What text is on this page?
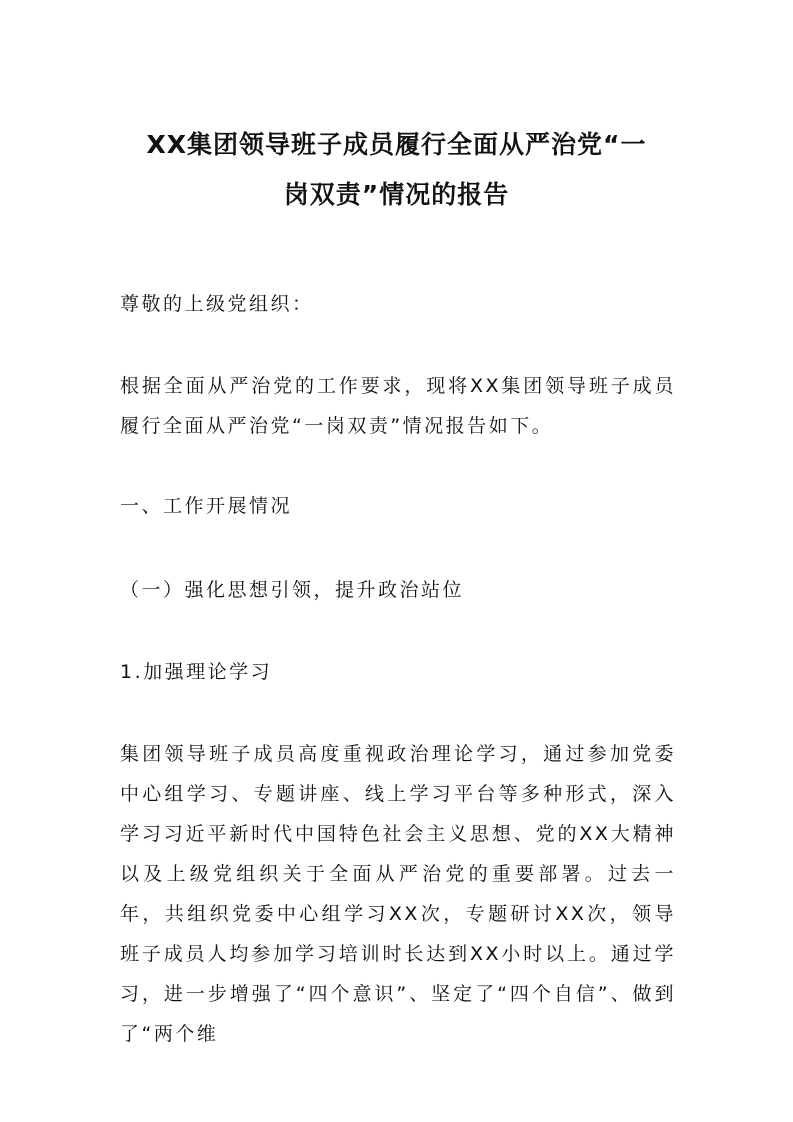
XX集团领导班子成员履行全面从严治党“一
岗双责”情况的报告

尊敬的上级党组织：

根据全面从严治党的工作要求，现将XX集团领导班子成员履行全面从严治党“一岗双责”情况报告如下。

一、工作开展情况

（一）强化思想引领，提升政治站位

1.加强理论学习

集团领导班子成员高度重视政治理论学习，通过参加党委中心组学习、专题讲座、线上学习平台等多种形式，深入学习习近平新时代中国特色社会主义思想、党的XX大精神以及上级党组织关于全面从严治党的重要部署。过去一年，共组织党委中心组学习XX次，专题研讨XX次，领导班子成员人均参加学习培训时长达到XX小时以上。通过学习，进一步增强了“四个意识”、坚定了“四个自信”、做到了“两个维
